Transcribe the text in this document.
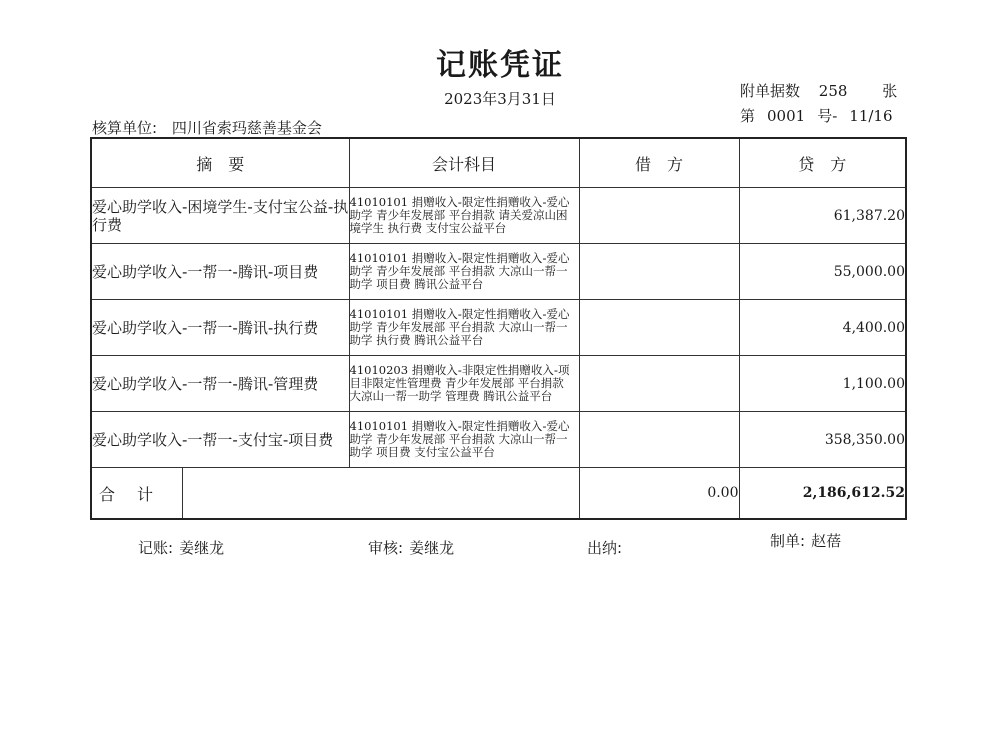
记账凭证
2023年3月31日	附单据数 258 张
第 0001 号- 11/16
核算单位: 四川省索玛慈善基金会
摘　要	会计科目	借　方	贷　方
爱心助学收入-困境学生-支付宝公益-执行费	41010101 捐赠收入-限定性捐赠收入-爱心助学 青少年发展部 平台捐款 请关爱凉山困境学生 执行费 支付宝公益平台		61,387.20
爱心助学收入-一帮一-腾讯-项目费	41010101 捐赠收入-限定性捐赠收入-爱心助学 青少年发展部 平台捐款 大凉山一帮一助学 项目费 腾讯公益平台		55,000.00
爱心助学收入-一帮一-腾讯-执行费	41010101 捐赠收入-限定性捐赠收入-爱心助学 青少年发展部 平台捐款 大凉山一帮一助学 执行费 腾讯公益平台		4,400.00
爱心助学收入-一帮一-腾讯-管理费	41010203 捐赠收入-非限定性捐赠收入-项目非限定性管理费 青少年发展部 平台捐款 大凉山一帮一助学 管理费 腾讯公益平台		1,100.00
爱心助学收入-一帮一-支付宝-项目费	41010101 捐赠收入-限定性捐赠收入-爱心助学 青少年发展部 平台捐款 大凉山一帮一助学 项目费 支付宝公益平台		358,350.00

合计		0.00	2,186,612.52
记账: 姜继龙	审核: 姜继龙	出纳:	制单: 赵蓓
